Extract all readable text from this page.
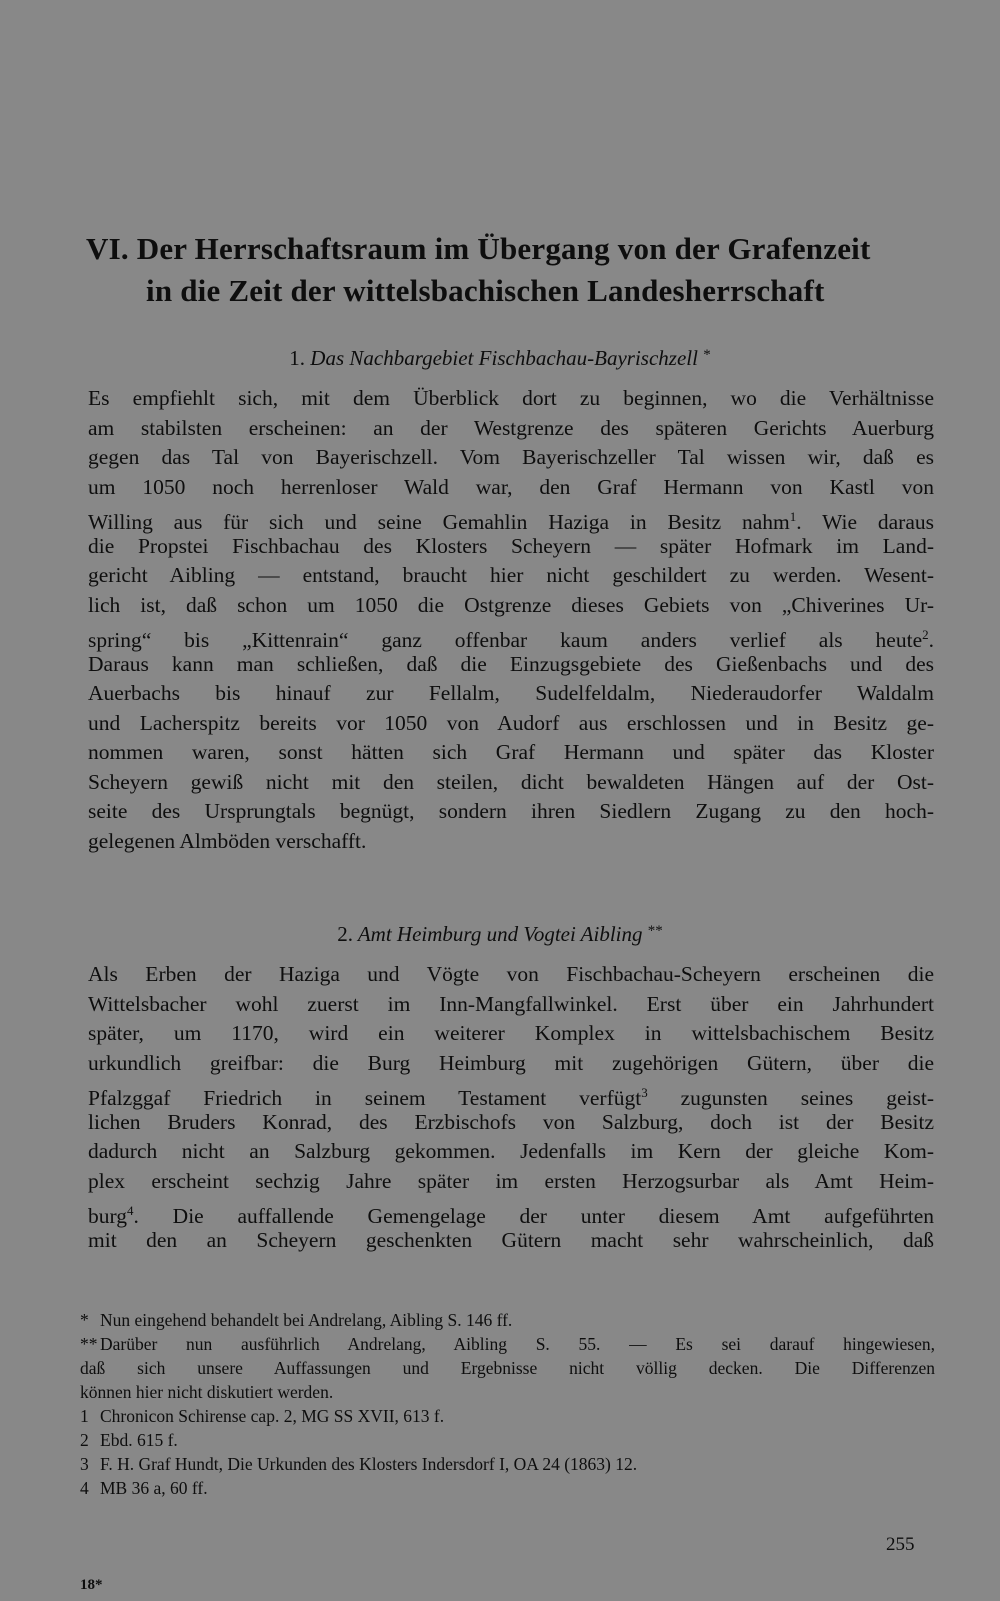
VI. Der Herrschaftsraum im Übergang von der Grafenzeit
in die Zeit der wittelsbachischen Landesherrschaft
1. Das Nachbargebiet Fischbachau-Bayrischzell *
Es empfiehlt sich, mit dem Überblick dort zu beginnen, wo die Verhältnisse
am stabilsten erscheinen: an der Westgrenze des späteren Gerichts Auerburg
gegen das Tal von Bayerischzell. Vom Bayerischzeller Tal wissen wir, daß es
um 1050 noch herrenloser Wald war, den Graf Hermann von Kastl von
Willing aus für sich und seine Gemahlin Haziga in Besitz nahm$^1$. Wie daraus
die Propstei Fischbachau des Klosters Scheyern — später Hofmark im Land-
gericht Aibling — entstand, braucht hier nicht geschildert zu werden. Wesent-
lich ist, daß schon um 1050 die Ostgrenze dieses Gebiets von „Chiverines Ur-
spring“ bis „Kittenrain“ ganz offenbar kaum anders verlief als heute$^2$.
Daraus kann man schließen, daß die Einzugsgebiete des Gießenbachs und des
Auerbachs bis hinauf zur Fellalm, Sudelfeldalm, Niederaudorfer Waldalm
und Lacherspitz bereits vor 1050 von Audorf aus erschlossen und in Besitz ge-
nommen waren, sonst hätten sich Graf Hermann und später das Kloster
Scheyern gewiß nicht mit den steilen, dicht bewaldeten Hängen auf der Ost-
seite des Ursprungtals begnügt, sondern ihren Siedlern Zugang zu den hoch-
gelegenen Almböden verschafft.
2. Amt Heimburg und Vogtei Aibling **
Als Erben der Haziga und Vögte von Fischbachau-Scheyern erscheinen die
Wittelsbacher wohl zuerst im Inn-Mangfallwinkel. Erst über ein Jahrhundert
später, um 1170, wird ein weiterer Komplex in wittelsbachischem Besitz
urkundlich greifbar: die Burg Heimburg mit zugehörigen Gütern, über die
Pfalzggaf Friedrich in seinem Testament verfügt$^3$ zugunsten seines geist-
lichen Bruders Konrad, des Erzbischofs von Salzburg, doch ist der Besitz
dadurch nicht an Salzburg gekommen. Jedenfalls im Kern der gleiche Kom-
plex erscheint sechzig Jahre später im ersten Herzogsurbar als Amt Heim-
burg$^4$. Die auffallende Gemengelage der unter diesem Amt aufgeführten
mit den an Scheyern geschenkten Gütern macht sehr wahrscheinlich, daß
* Nun eingehend behandelt bei Andrelang, Aibling S. 146 ff.
** Darüber nun ausführlich Andrelang, Aibling S. 55. — Es sei darauf hingewiesen,
daß sich unsere Auffassungen und Ergebnisse nicht völlig decken. Die Differenzen
können hier nicht diskutiert werden.
1 Chronicon Schirense cap. 2, MG SS XVII, 613 f.
2 Ebd. 615 f.
3 F. H. Graf Hundt, Die Urkunden des Klosters Indersdorf I, OA 24 (1863) 12.
4 MB 36 a, 60 ff.
255
18*
